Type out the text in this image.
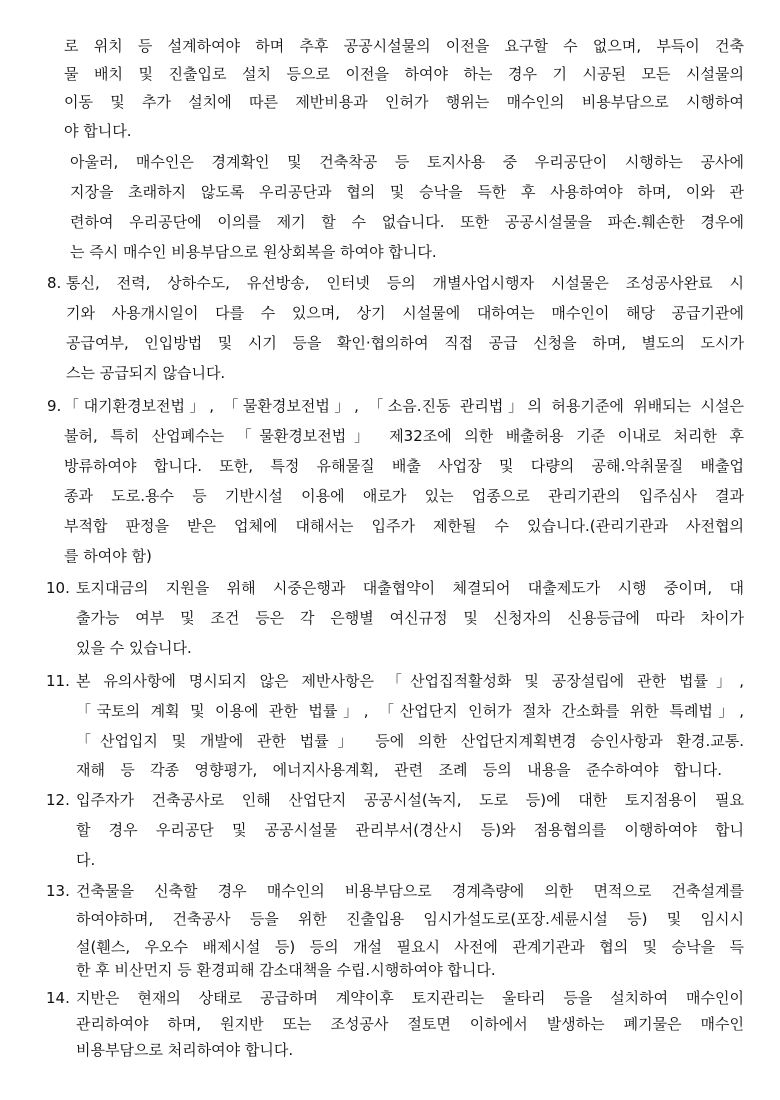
로 위치 등 설계하여야 하며 추후 공공시설물의 이전을 요구할 수 없으며, 부득이 건축
물 배치 및 진출입로 설치 등으로 이전을 하여야 하는 경우 기 시공된 모든 시설물의
이동 및 추가 설치에 따른 제반비용과 인허가 행위는 매수인의 비용부담으로 시행하여
야 합니다.
아울러, 매수인은 경계확인 및 건축착공 등 토지사용 중 우리공단이 시행하는 공사에
지장을 초래하지 않도록 우리공단과 협의 및 승낙을 득한 후 사용하여야 하며, 이와 관
련하여 우리공단에 이의를 제기 할 수 없습니다. 또한 공공시설물을 파손.훼손한 경우에
는 즉시 매수인 비용부담으로 원상회복을 하여야 합니다.
8. 통신, 전력, 상하수도, 유선방송, 인터넷 등의 개별사업시행자 시설물은 조성공사완료 시
기와 사용개시일이 다를 수 있으며, 상기 시설물에 대하여는 매수인이 해당 공급기관에
공급여부, 인입방법 및 시기 등을 확인·협의하여 직접 공급 신청을 하며, 별도의 도시가
스는 공급되지 않습니다.
9. 「대기환경보전법」, 「물환경보전법」, 「소음.진동 관리법」의 허용기준에 위배되는 시설은
불허, 특히 산업폐수는 「물환경보전법」 제32조에 의한 배출허용 기준 이내로 처리한 후
방류하여야 합니다. 또한, 특정 유해물질 배출 사업장 및 다량의 공해.악취물질 배출업
종과 도로.용수 등 기반시설 이용에 애로가 있는 업종으로 관리기관의 입주심사 결과
부적합 판정을 받은 업체에 대해서는 입주가 제한될 수 있습니다.(관리기관과 사전협의
를 하여야 함)
10. 토지대금의 지원을 위해 시중은행과 대출협약이 체결되어 대출제도가 시행 중이며, 대
출가능 여부 및 조건 등은 각 은행별 여신규정 및 신청자의 신용등급에 따라 차이가
있을 수 있습니다.
11. 본 유의사항에 명시되지 않은 제반사항은 「산업집적활성화 및 공장설립에 관한 법률」,
「국토의 계획 및 이용에 관한 법률」, 「산업단지 인허가 절차 간소화를 위한 특례법」,
「산업입지 및 개발에 관한 법률」 등에 의한 산업단지계획변경 승인사항과 환경.교통.
재해 등 각종 영향평가, 에너지사용계획, 관련 조례 등의 내용을 준수하여야 합니다.
12. 입주자가 건축공사로 인해 산업단지 공공시설(녹지, 도로 등)에 대한 토지점용이 필요
할 경우 우리공단 및 공공시설물 관리부서(경산시 등)와 점용협의를 이행하여야 합니
다.
13. 건축물을 신축할 경우 매수인의 비용부담으로 경계측량에 의한 면적으로 건축설계를
하여야하며, 건축공사 등을 위한 진출입용 임시가설도로(포장.세륜시설 등) 및 임시시
설(휀스, 우오수 배제시설 등) 등의 개설 필요시 사전에 관계기관과 협의 및 승낙을 득
한 후 비산먼지 등 환경피해 감소대책을 수립.시행하여야 합니다.
14. 지반은 현재의 상태로 공급하며 계약이후 토지관리는 울타리 등을 설치하여 매수인이
관리하여야 하며, 원지반 또는 조성공사 절토면 이하에서 발생하는 폐기물은 매수인
비용부담으로 처리하여야 합니다.
